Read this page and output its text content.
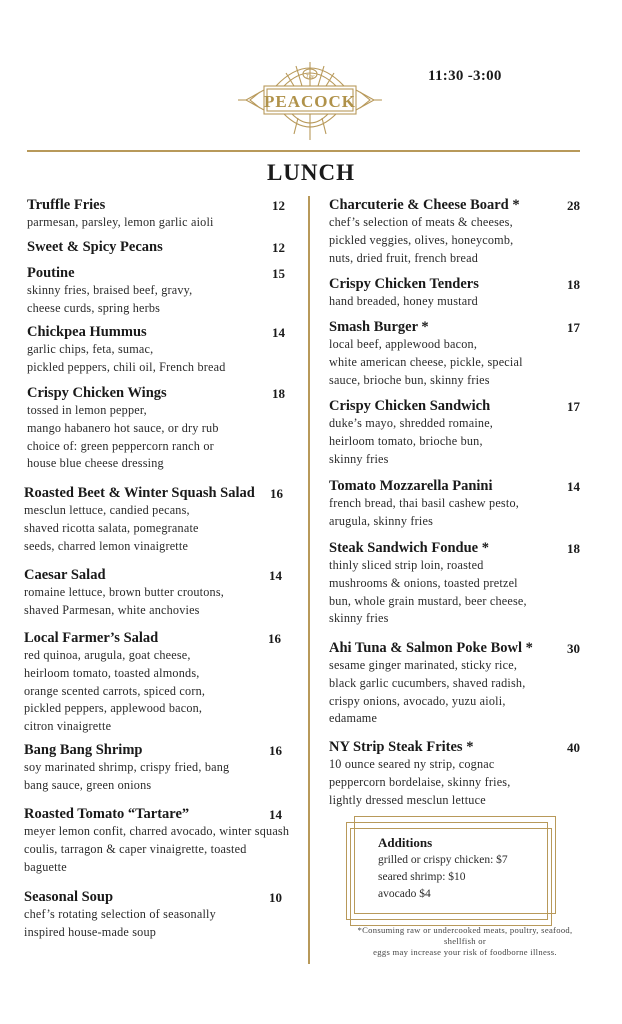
The
PEACOCK
11:30 -3:00
LUNCH
Truffle Fries	12
parmesan, parsley, lemon garlic aioli
Sweet & Spicy Pecans	12
Poutine	15
skinny fries, braised beef, gravy,
cheese curds, spring herbs
Chickpea Hummus	14
garlic chips, feta, sumac,
pickled peppers, chili oil, French bread
Crispy Chicken Wings	18
tossed in lemon pepper,
mango habanero hot sauce, or dry rub
choice of: green peppercorn ranch or
house blue cheese dressing
Roasted Beet & Winter Squash Salad 16
mesclun lettuce, candied pecans,
shaved ricotta salata, pomegranate
seeds, charred lemon vinaigrette
Caesar Salad	14
romaine lettuce, brown butter croutons,
shaved Parmesan, white anchovies
Local Farmer’s Salad	16
red quinoa, arugula, goat cheese,
heirloom tomato, toasted almonds,
orange scented carrots, spiced corn,
pickled peppers, applewood bacon,
citron vinaigrette
Bang Bang Shrimp	16
soy marinated shrimp, crispy fried, bang
bang sauce, green onions
Roasted Tomato “Tartare”	14
meyer lemon confit, charred avocado, winter squash
coulis, tarragon & caper vinaigrette, toasted
baguette
Seasonal Soup	10
chef’s rotating selection of seasonally
inspired house-made soup
Charcuterie & Cheese Board *	28
chef’s selection of meats & cheeses,
pickled veggies, olives, honeycomb,
nuts, dried fruit, french bread
Crispy Chicken Tenders	18
hand breaded, honey mustard
Smash Burger *	17
local beef, applewood bacon,
white american cheese, pickle, special
sauce, brioche bun, skinny fries
Crispy Chicken Sandwich	17
duke’s mayo, shredded romaine,
heirloom tomato, brioche bun,
skinny fries
Tomato Mozzarella Panini	14
french bread, thai basil cashew pesto,
arugula, skinny fries
Steak Sandwich Fondue *	18
thinly sliced strip loin, roasted
mushrooms & onions, toasted pretzel
bun, whole grain mustard, beer cheese,
skinny fries
Ahi Tuna & Salmon Poke Bowl *	30
sesame ginger marinated, sticky rice,
black garlic cucumbers, shaved radish,
crispy onions, avocado, yuzu aioli,
edamame
NY Strip Steak Frites *	40
10 ounce seared ny strip, cognac
peppercorn bordelaise, skinny fries,
lightly dressed mesclun lettuce
Additions
grilled or crispy chicken: $7
seared shrimp: $10
avocado $4
*Consuming raw or undercooked meats, poultry, seafood,
shellfish or
eggs may increase your risk of foodborne illness.
